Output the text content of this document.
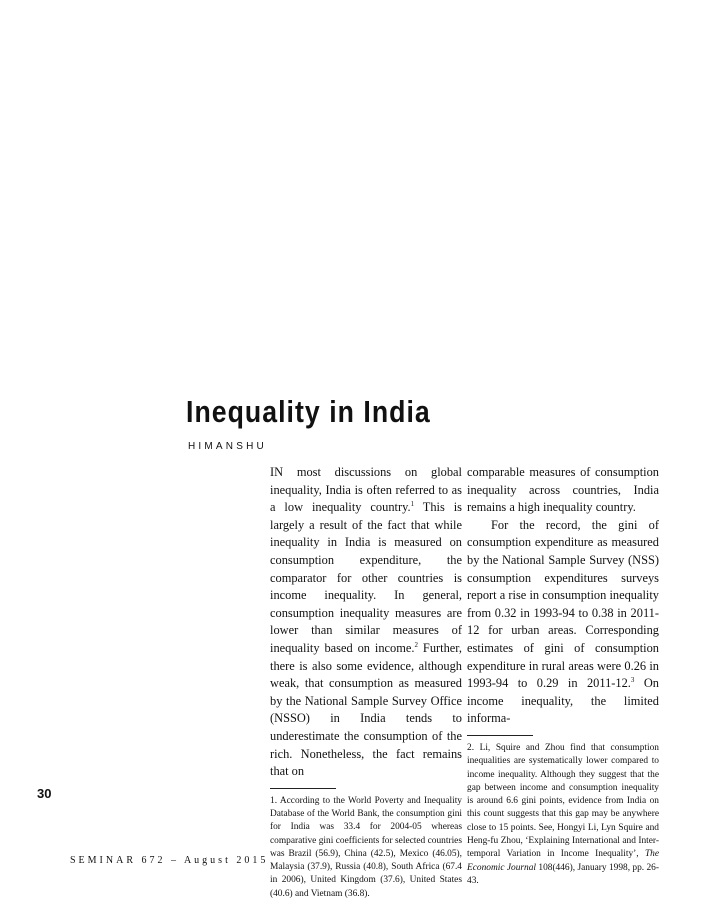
Inequality in India
HIMANSHU

IN most discussions on global inequality, India is often referred to as a low inequality country.$^1$ This is largely a result of the fact that while inequality in India is measured on consumption expenditure, the comparator for other countries is income inequality. In general, consumption inequality measures are lower than similar measures of inequality based on income.$^2$ Further, there is also some evidence, although weak, that consumption as measured by the National Sample Survey Office (NSSO) in India tends to underestimate the consumption of the rich. Nonetheless, the fact remains that on

1. According to the World Poverty and Inequality Database of the World Bank, the consumption gini for India was 33.4 for 2004-05 whereas comparative gini coefficients for selected countries was Brazil (56.9), China (42.5), Mexico (46.05), Malaysia (37.9), Russia (40.8), South Africa (67.4 in 2006), United Kingdom (37.6), United States (40.6) and Vietnam (36.8).

comparable measures of consumption inequality across countries, India remains a high inequality country.

For the record, the gini of consumption expenditure as measured by the National Sample Survey (NSS) consumption expenditures surveys report a rise in consumption inequality from 0.32 in 1993-94 to 0.38 in 2011-12 for urban areas. Corresponding estimates of gini of consumption expenditure in rural areas were 0.26 in 1993-94 to 0.29 in 2011-12.$^3$ On income inequality, the limited informa-

2. Li, Squire and Zhou find that consumption inequalities are systematically lower compared to income inequality. Although they suggest that the gap between income and consumption inequality is around 6.6 gini points, evidence from India on this count suggests that this gap may be anywhere close to 15 points. See, Hongyi Li, Lyn Squire and Heng-fu Zhou, ‘Explaining International and Inter-temporal Variation in Income Inequality’, The Economic Journal 108(446), January 1998, pp. 26-43.

30
SEMINAR 672 – August 2015
